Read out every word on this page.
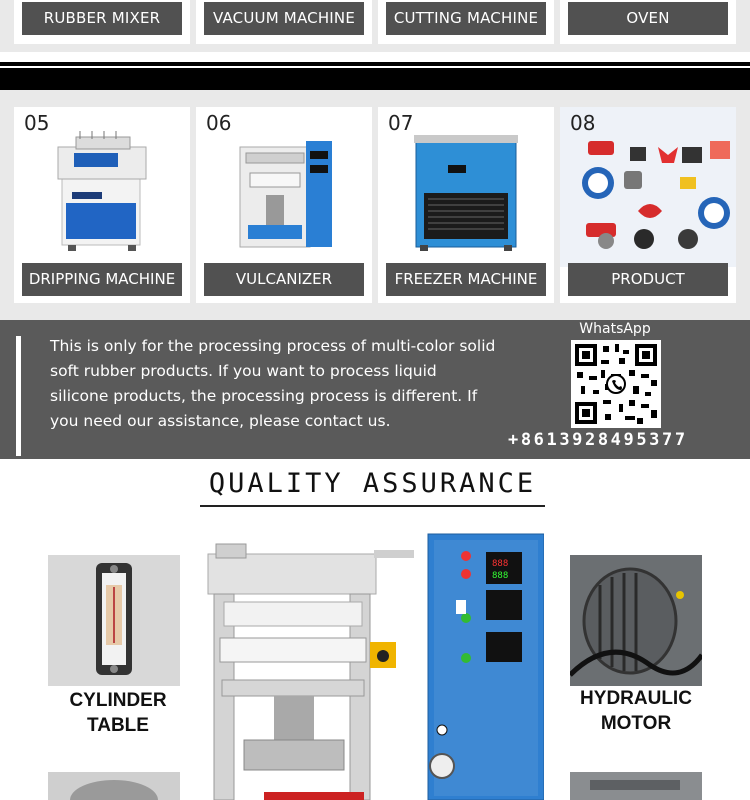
RUBBER MIXER	VACUUM MACHINE	CUTTING MACHINE	OVEN
05
DRIPPING MACHINE
06
VULCANIZER
07
FREEZER MACHINE
08
PRODUCT
This is only for the processing process of multi-color solid soft rubber products. If you want to process liquid silicone products, the processing process is different. If you need our assistance, please contact us.
WhatsApp
+8613928495377
QUALITY ASSURANCE
CYLINDER
TABLE
888
888
HYDRAULIC
MOTOR
